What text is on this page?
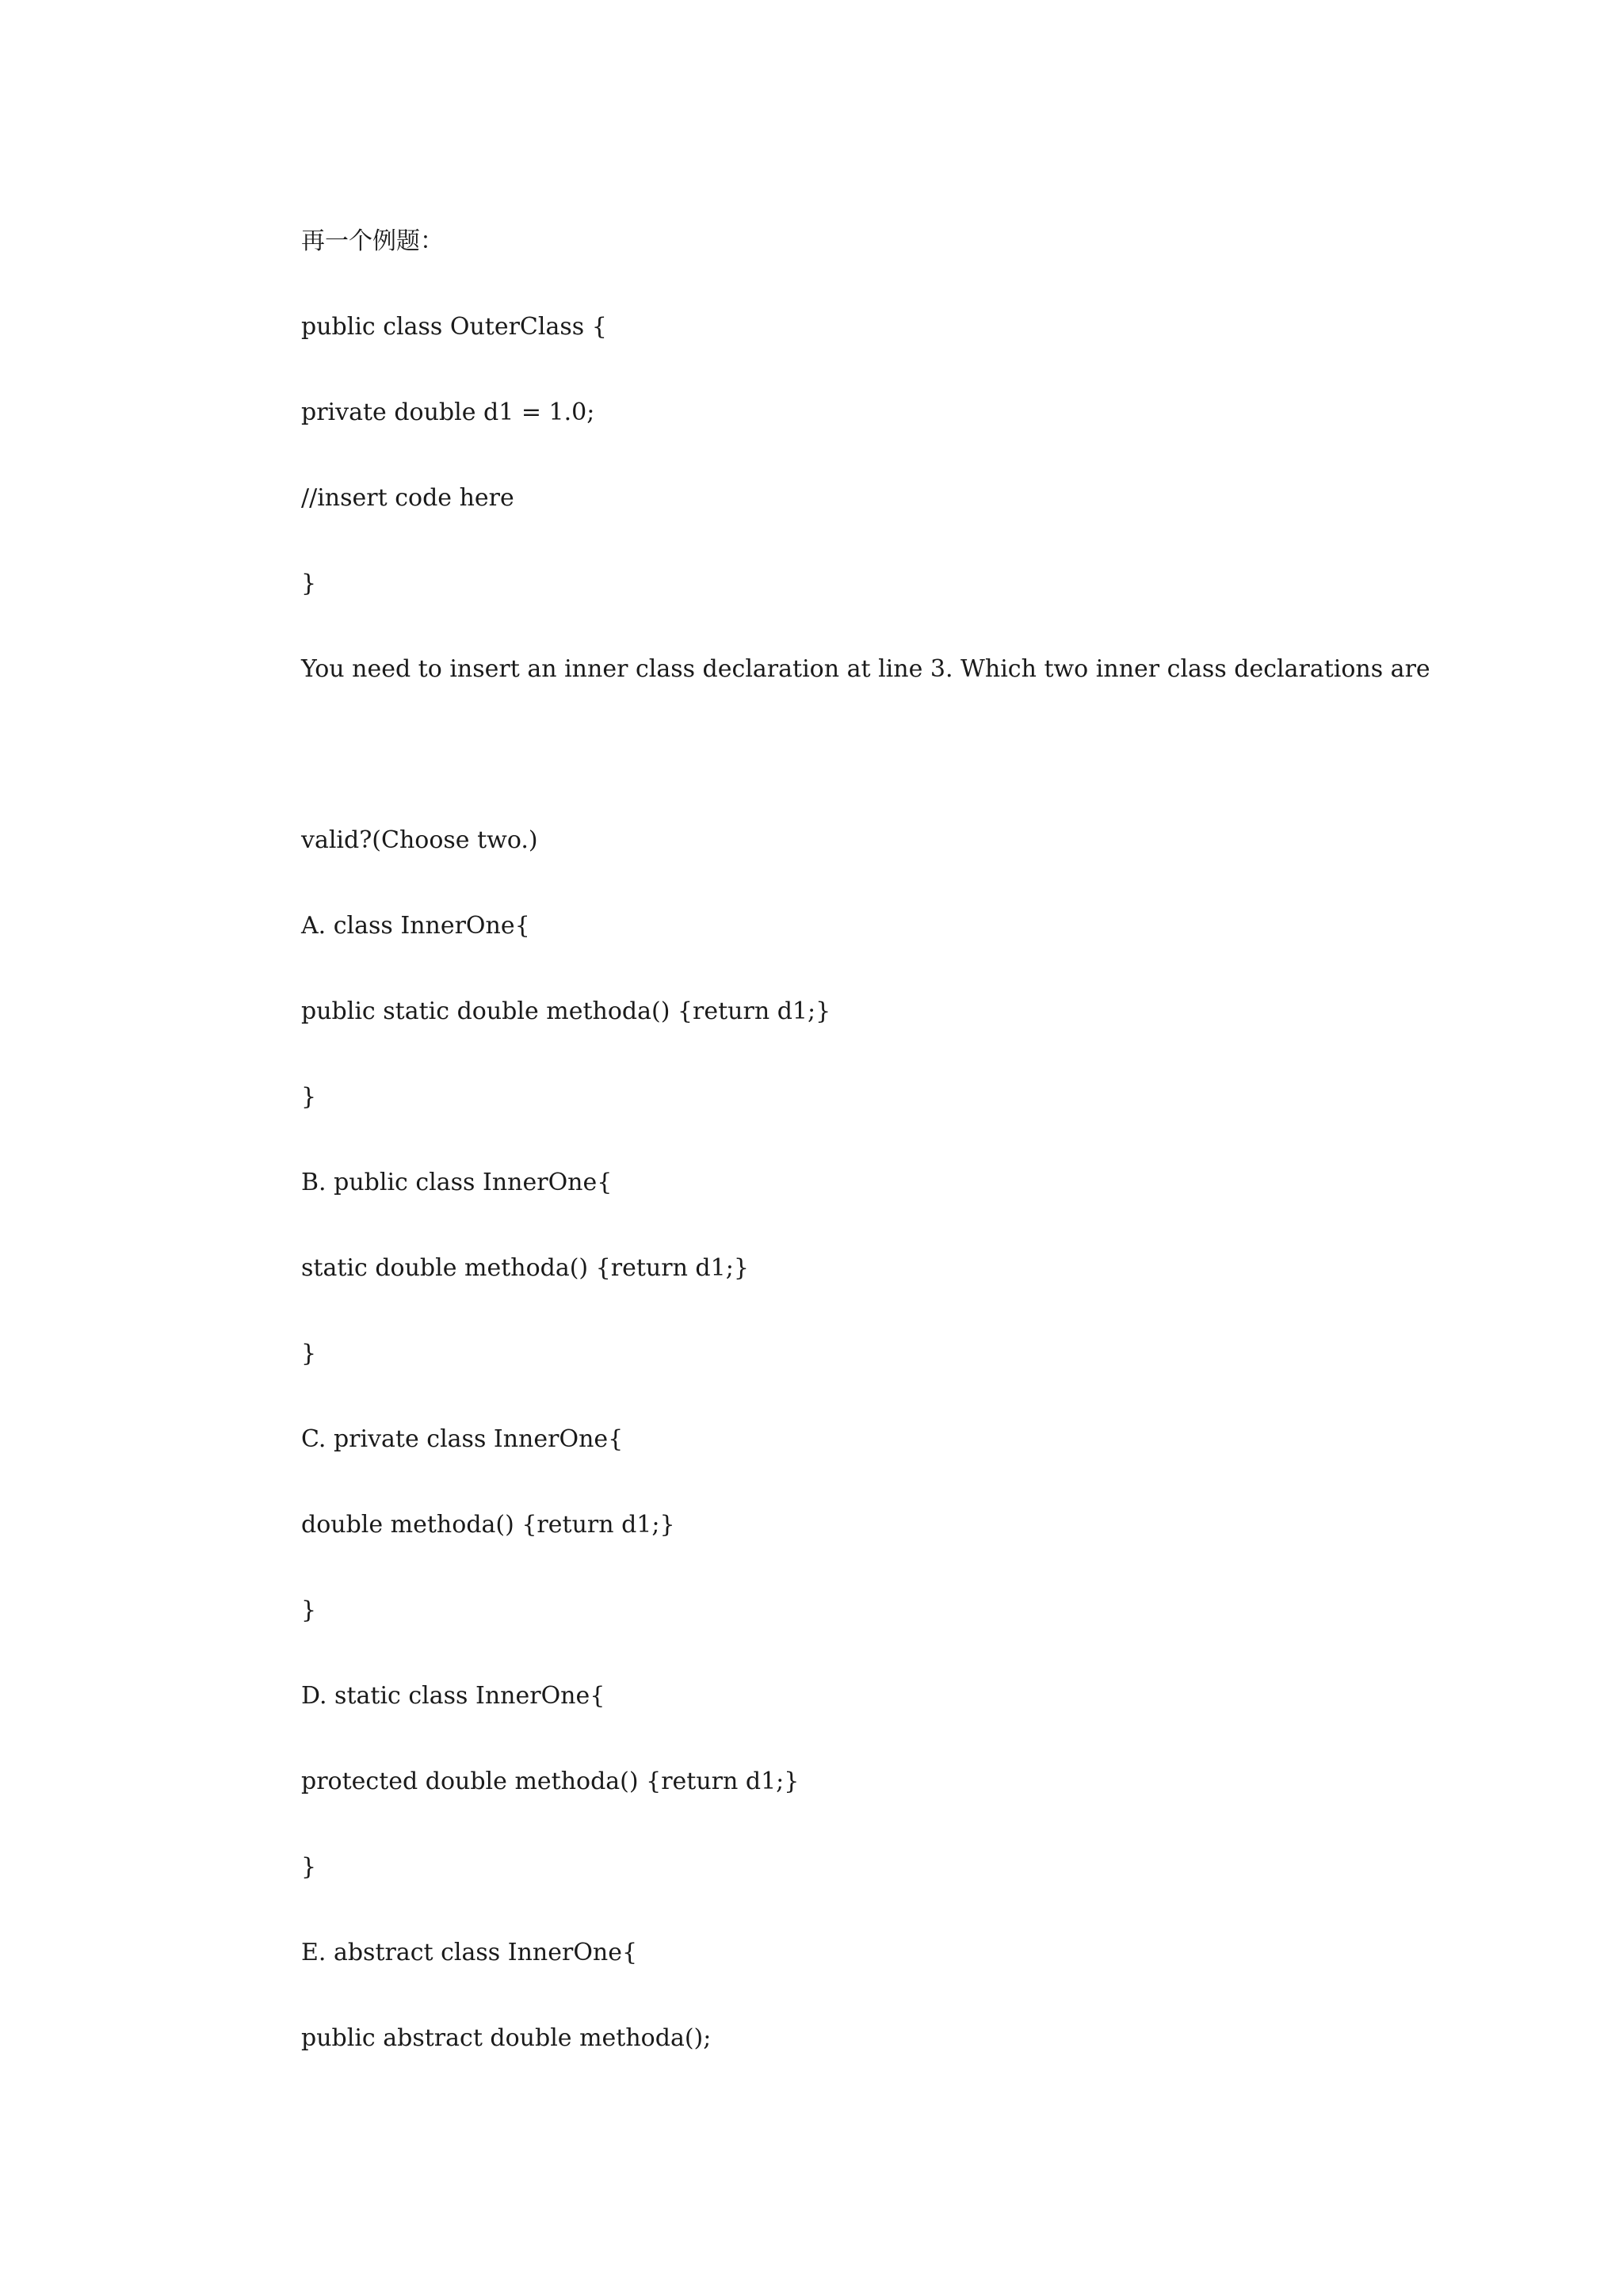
再一个例题：

public class OuterClass {

private double d1 = 1.0;

//insert code here

}

You need to insert an inner class declaration at line 3. Which two inner class declarations are

valid?(Choose two.)

A. class InnerOne{

public static double methoda() {return d1;}

}

B. public class InnerOne{

static double methoda() {return d1;}

}

C. private class InnerOne{

double methoda() {return d1;}

}

D. static class InnerOne{

protected double methoda() {return d1;}

}

E. abstract class InnerOne{

public abstract double methoda();
